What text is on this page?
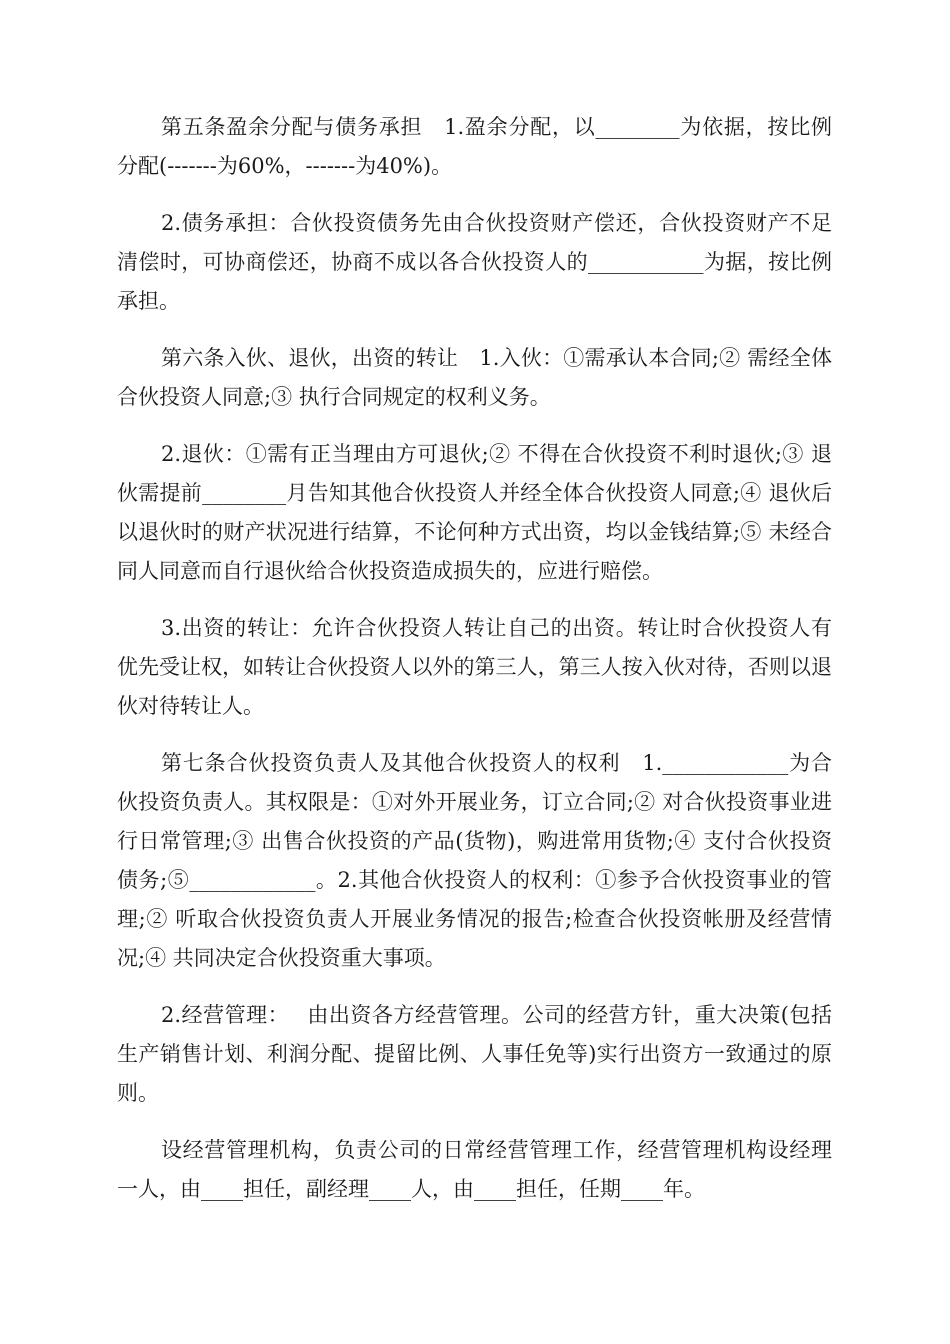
第五条盈余分配与债务承担　1.盈余分配，以________为依据，按比例分配(-------为60%，-------为40%)。

2.债务承担：合伙投资债务先由合伙投资财产偿还，合伙投资财产不足清偿时，可协商偿还，协商不成以各合伙投资人的___________为据，按比例承担。

第六条入伙、退伙，出资的转让　1.入伙：①需承认本合同;② 需经全体合伙投资人同意;③ 执行合同规定的权利义务。

2.退伙：①需有正当理由方可退伙;② 不得在合伙投资不利时退伙;③ 退伙需提前________月告知其他合伙投资人并经全体合伙投资人同意;④ 退伙后以退伙时的财产状况进行结算，不论何种方式出资，均以金钱结算;⑤ 未经合同人同意而自行退伙给合伙投资造成损失的，应进行赔偿。

3.出资的转让：允许合伙投资人转让自己的出资。转让时合伙投资人有优先受让权，如转让合伙投资人以外的第三人，第三人按入伙对待，否则以退伙对待转让人。

第七条合伙投资负责人及其他合伙投资人的权利　1.____________为合伙投资负责人。其权限是：①对外开展业务，订立合同;② 对合伙投资事业进行日常管理;③ 出售合伙投资的产品(货物)，购进常用货物;④ 支付合伙投资债务;⑤____________。2.其他合伙投资人的权利：①参予合伙投资事业的管理;② 听取合伙投资负责人开展业务情况的报告;检查合伙投资帐册及经营情况;④ 共同决定合伙投资重大事项。

2.经营管理：　 由出资各方经营管理。公司的经营方针，重大决策(包括生产销售计划、利润分配、提留比例、人事任免等)实行出资方一致通过的原则。

设经营管理机构，负责公司的日常经营管理工作，经营管理机构设经理一人，由____担任，副经理____人，由____担任，任期____年。
